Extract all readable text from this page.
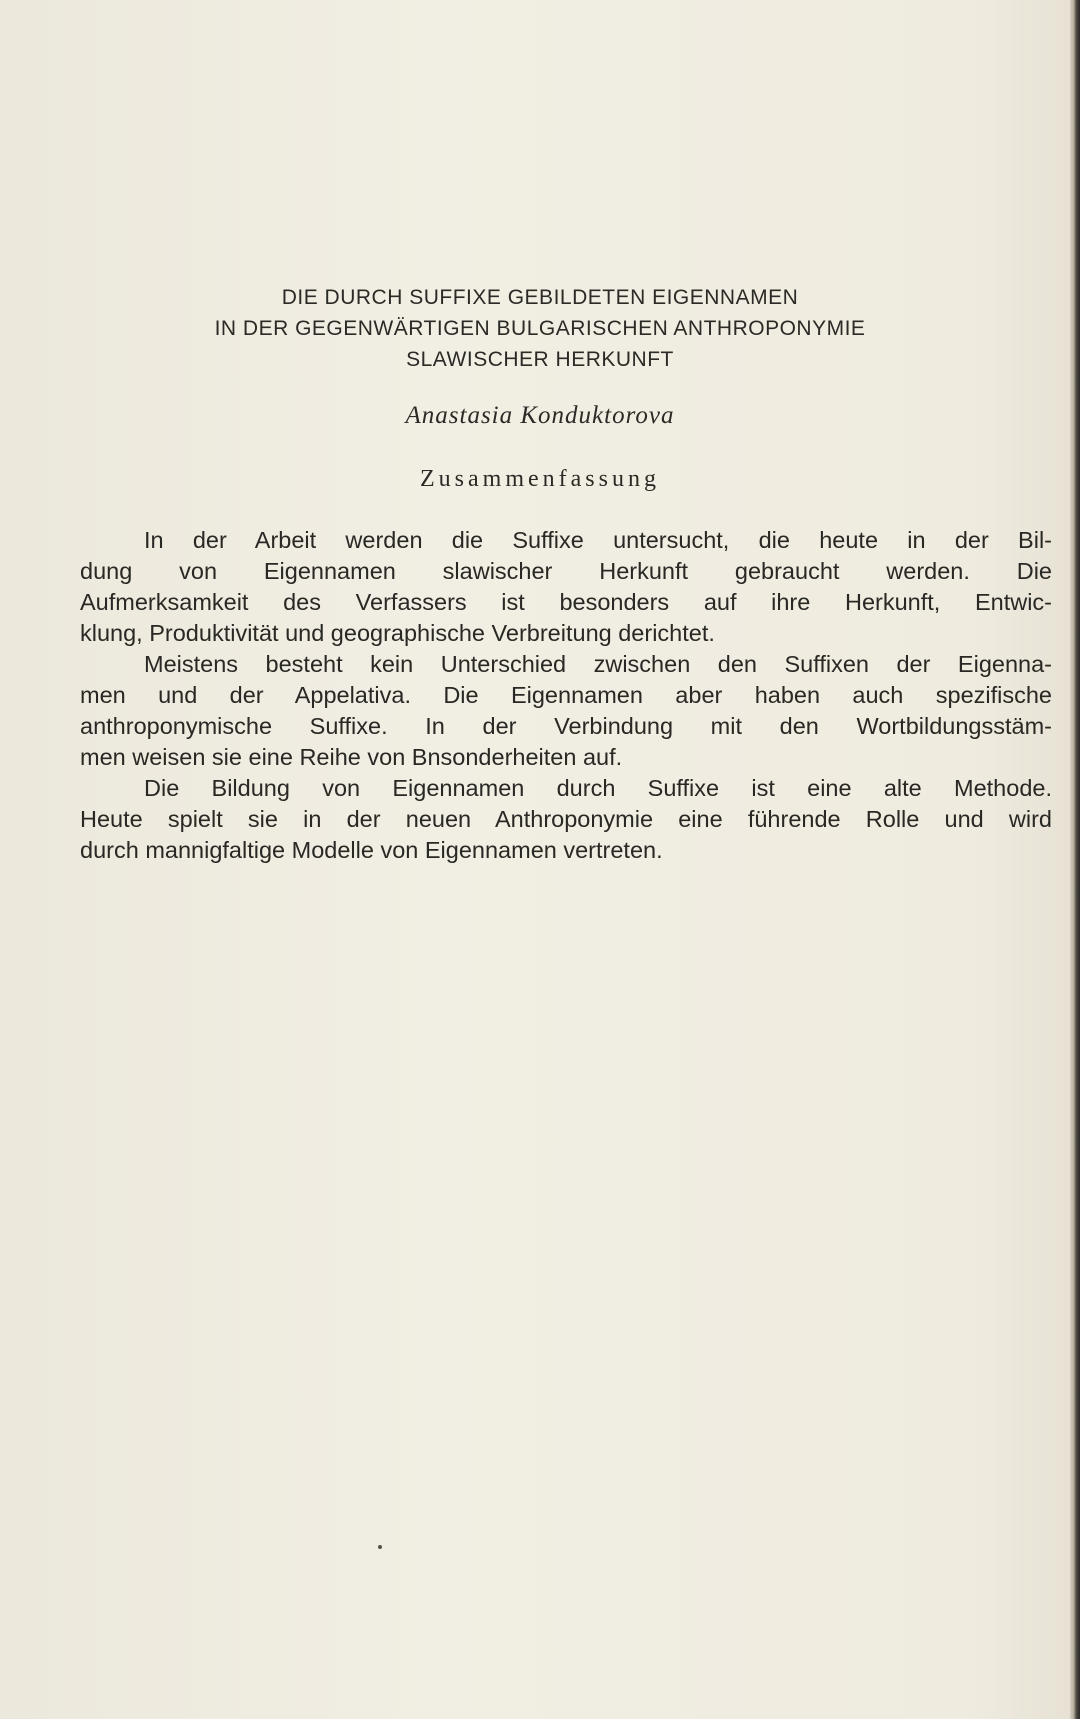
DIE DURCH SUFFIXE GEBILDETEN EIGENNAMEN
IN DER GEGENWÄRTIGEN BULGARISCHEN ANTHROPONYMIE
SLAWISCHER HERKUNFT
Anastasia Konduktorova
Zusammenfassung
In der Arbeit werden die Suffixe untersucht, die heute in der Bil-
dung von Eigennamen slawischer Herkunft gebraucht werden. Die
Aufmerksamkeit des Verfassers ist besonders auf ihre Herkunft, Entwic-
klung, Produktivität und geographische Verbreitung derichtet.
Meistens besteht kein Unterschied zwischen den Suffixen der Eigenna-
men und der Appelativa. Die Eigennamen aber haben auch spezifische
anthroponymische Suffixe. In der Verbindung mit den Wortbildungsstäm-
men weisen sie eine Reihe von Bnsonderheiten auf.
Die Bildung von Eigennamen durch Suffixe ist eine alte Methode.
Heute spielt sie in der neuen Anthroponymie eine führende Rolle und wird
durch mannigfaltige Modelle von Eigennamen vertreten.
